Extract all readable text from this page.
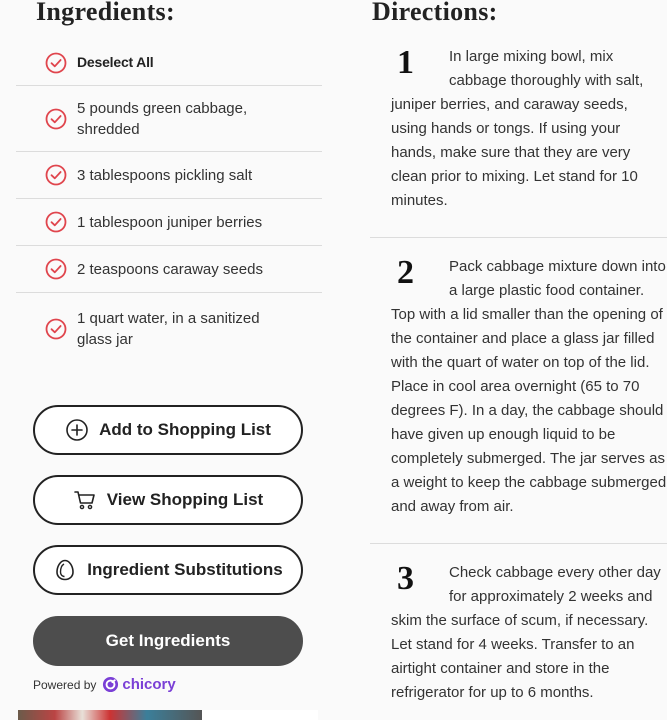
Ingredients:
Deselect All
5 pounds green cabbage, shredded
3 tablespoons pickling salt
1 tablespoon juniper berries
2 teaspoons caraway seeds
1 quart water, in a sanitized glass jar
Add to Shopping List
View Shopping List
Ingredient Substitutions
Get Ingredients
Powered by chicory
Directions:
1	In large mixing bowl, mix cabbage thoroughly with salt, juniper berries, and caraway seeds, using hands or tongs. If using your hands, make sure that they are very clean prior to mixing. Let stand for 10 minutes.
2	Pack cabbage mixture down into a large plastic food container. Top with a lid smaller than the opening of the container and place a glass jar filled with the quart of water on top of the lid. Place in cool area overnight (65 to 70 degrees F). In a day, the cabbage should have given up enough liquid to be completely submerged. The jar serves as a weight to keep the cabbage submerged and away from air.
3	Check cabbage every other day for approximately 2 weeks and skim the surface of scum, if necessary. Let stand for 4 weeks. Transfer to an airtight container and store in the refrigerator for up to 6 months.
